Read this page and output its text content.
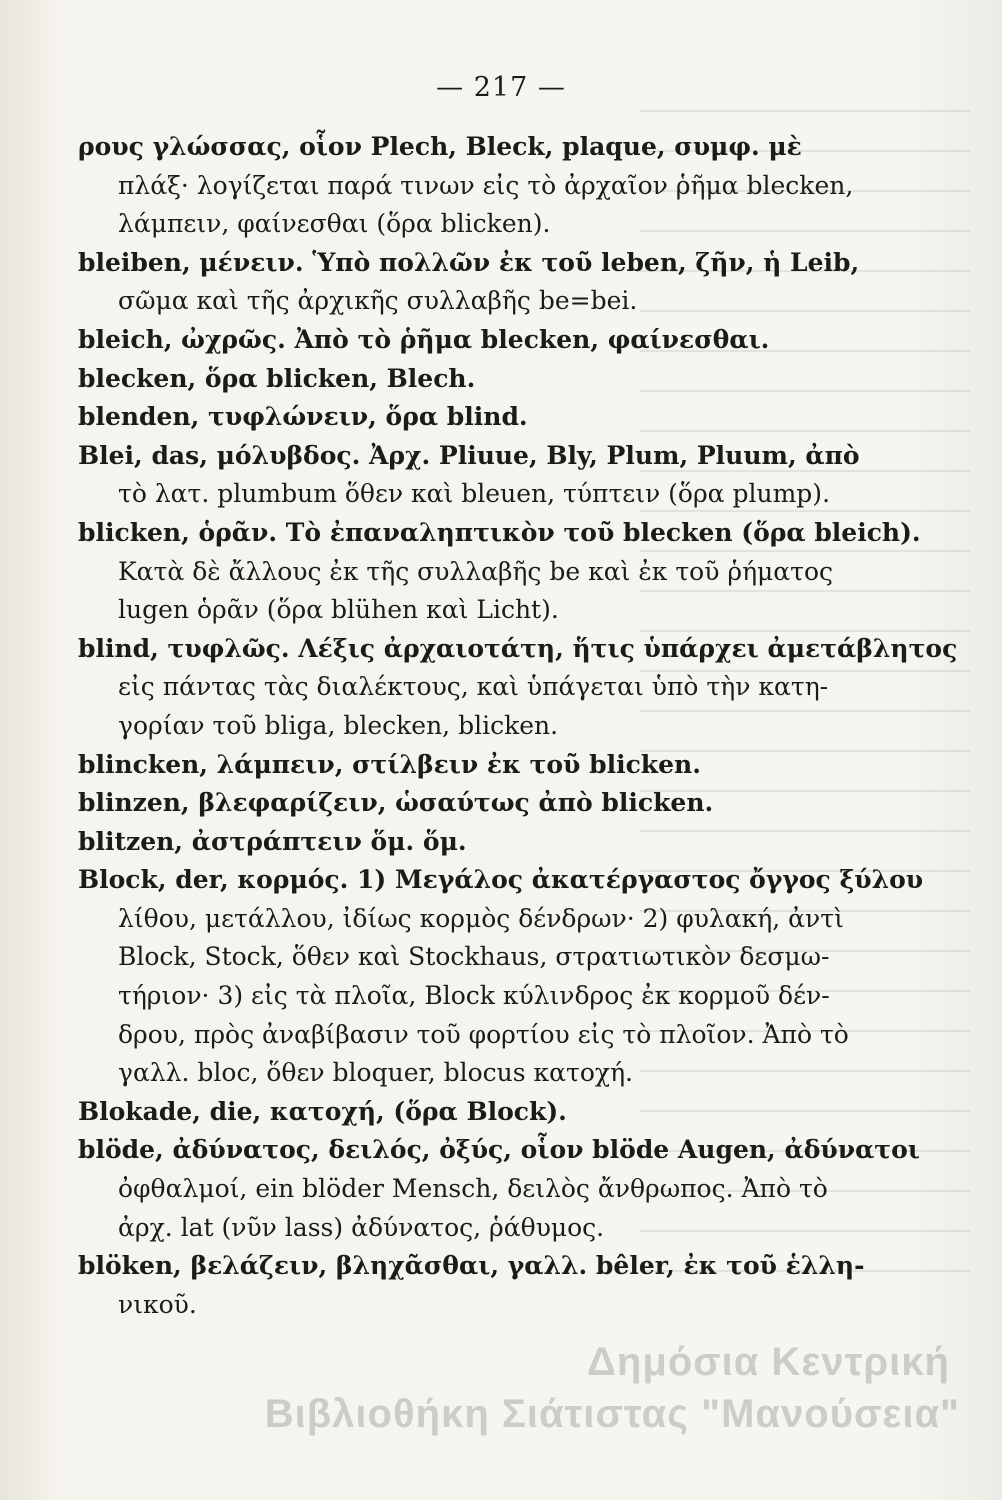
— 217 —
ρους γλώσσας, οἷον Plech, Bleck, plaque, συμφ. μὲ
πλάξ· λογίζεται παρά τινων εἰς τὸ ἀρχαῖον ῥῆμα blecken,
λάμπειν, φαίνεσθαι (ὅρα blicken).
bleiben, μένειν. Ὑπὸ πολλῶν ἐκ τοῦ leben, ζῆν, ἡ Leib,
σῶμα καὶ τῆς ἀρχικῆς συλλαβῆς be=bei.
bleich, ὠχρῶς. Ἀπὸ τὸ ῥῆμα blecken, φαίνεσθαι.
blecken, ὅρα blicken, Blech.
blenden, τυφλώνειν, ὅρα blind.
Blei, das, μόλυβδος. Ἀρχ. Pliuue, Bly, Plum, Pluum, ἀπὸ
τὸ λατ. plumbum ὅθεν καὶ bleuen, τύπτειν (ὅρα plump).
blicken, ὁρᾶν. Τὸ ἐπαναληπτικὸν τοῦ blecken (ὅρα bleich).
Κατὰ δὲ ἄλλους ἐκ τῆς συλλαβῆς be καὶ ἐκ τοῦ ῥήματος
lugen ὁρᾶν (ὅρα blühen καὶ Licht).
blind, τυφλῶς. Λέξις ἀρχαιοτάτη, ἥτις ὑπάρχει ἀμετάβλητος
εἰς πάντας τὰς διαλέκτους, καὶ ὑπάγεται ὑπὸ τὴν κατη-
γορίαν τοῦ bliga, blecken, blicken.
blincken, λάμπειν, στίλβειν ἐκ τοῦ blicken.
blinzen, βλεφαρίζειν, ὡσαύτως ἀπὸ blicken.
blitzen, ἀστράπτειν ὅμ. ὅμ.
Block, der, κορμός. 1) Μεγάλος ἀκατέργαστος ὄγγος ξύλου
λίθου, μετάλλου, ἰδίως κορμὸς δένδρων· 2) φυλακή, ἀντὶ
Block, Stock, ὅθεν καὶ Stockhaus, στρατιωτικὸν δεσμω-
τήριον· 3) εἰς τὰ πλοῖα, Block κύλινδρος ἐκ κορμοῦ δέν-
δρου, πρὸς ἀναβίβασιν τοῦ φορτίου εἰς τὸ πλοῖον. Ἀπὸ τὸ
γαλλ. bloc, ὅθεν bloquer, blocus κατοχή.
Blokade, die, κατοχή, (ὅρα Block).
blöde, ἀδύνατος, δειλός, ὀξύς, οἷον blöde Augen, ἀδύνατοι
ὀφθαλμοί, ein blöder Mensch, δειλὸς ἄνθρωπος. Ἀπὸ τὸ
ἀρχ. lat (νῦν lass) ἀδύνατος, ῥάθυμος.
blöken, βελάζειν, βληχᾶσθαι, γαλλ. bêler, ἐκ τοῦ ἑλλη-
νικοῦ.
Δημόσια Κεντρική
Βιβλιοθήκη Σιάτιστας "Μανούσεια"
